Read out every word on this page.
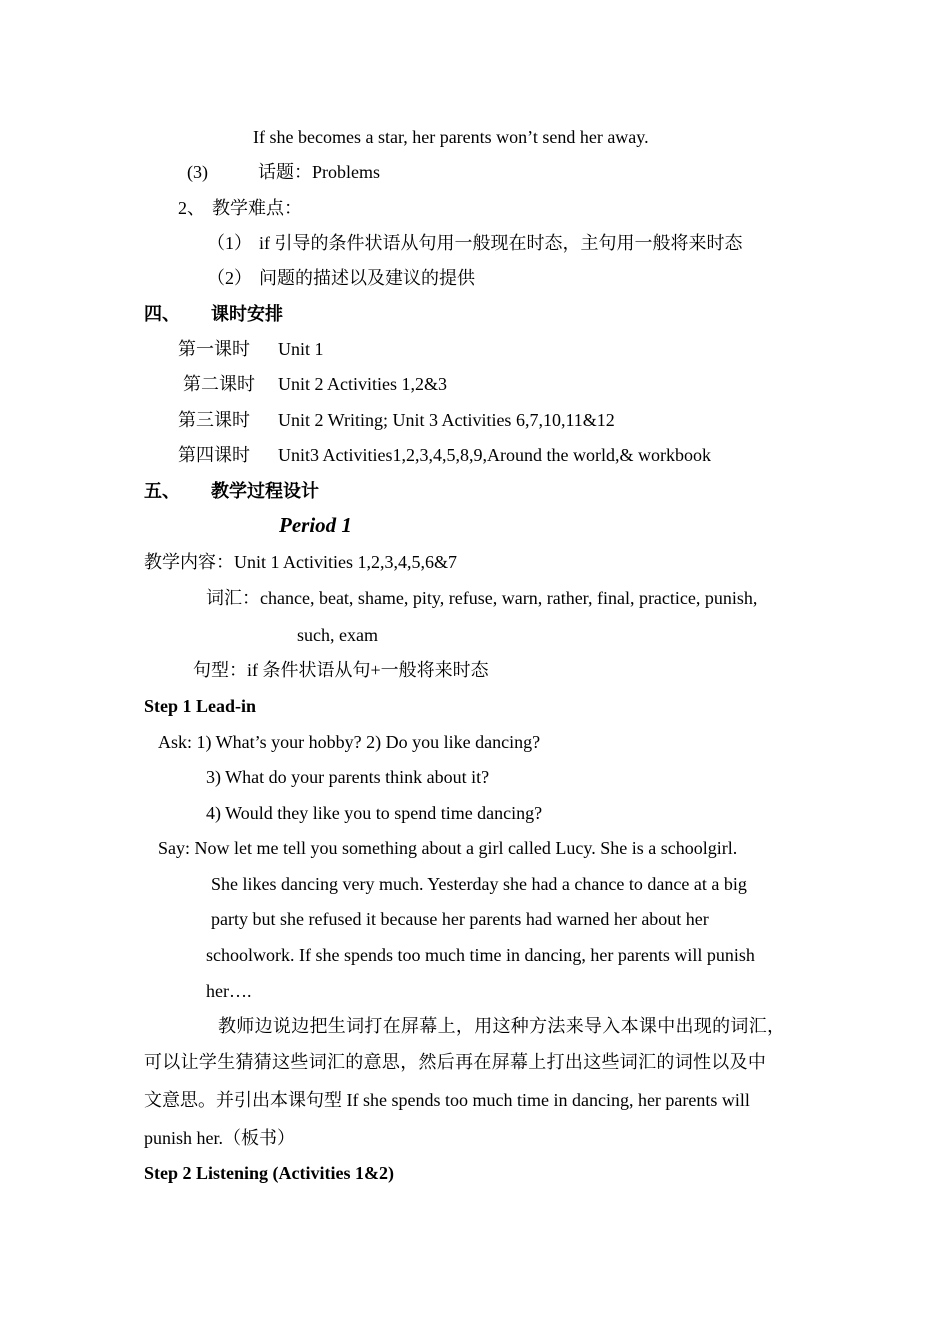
If she becomes a star, her parents won’t send her away.
(3)	话题：Problems
2、 教学难点：
（1） if 引导的条件状语从句用一般现在时态，主句用一般将来时态
（2） 问题的描述以及建议的提供
四、 课时安排
第一课时 Unit 1
第二课时 Unit 2 Activities 1,2&3
第三课时 Unit 2 Writing; Unit 3 Activities 6,7,10,11&12
第四课时 Unit3 Activities1,2,3,4,5,8,9,Around the world,& workbook
五、 教学过程设计
Period 1
教学内容：Unit 1 Activities 1,2,3,4,5,6&7
词汇：chance, beat, shame, pity, refuse, warn, rather, final, practice, punish,
such, exam
句型：if 条件状语从句+一般将来时态
Step 1 Lead-in
Ask: 1) What’s your hobby? 2) Do you like dancing?
3) What do your parents think about it?
4) Would they like you to spend time dancing?
Say: Now let me tell you something about a girl called Lucy. She is a schoolgirl.
She likes dancing very much. Yesterday she had a chance to dance at a big
party but she refused it because her parents had warned her about her
schoolwork. If she spends too much time in dancing, her parents will punish
her….
教师边说边把生词打在屏幕上，用这种方法来导入本课中出现的词汇，
可以让学生猜猜这些词汇的意思，然后再在屏幕上打出这些词汇的词性以及中
文意思。并引出本课句型 If she spends too much time in dancing, her parents will
punish her.（板书）
Step 2 Listening (Activities 1&2)
